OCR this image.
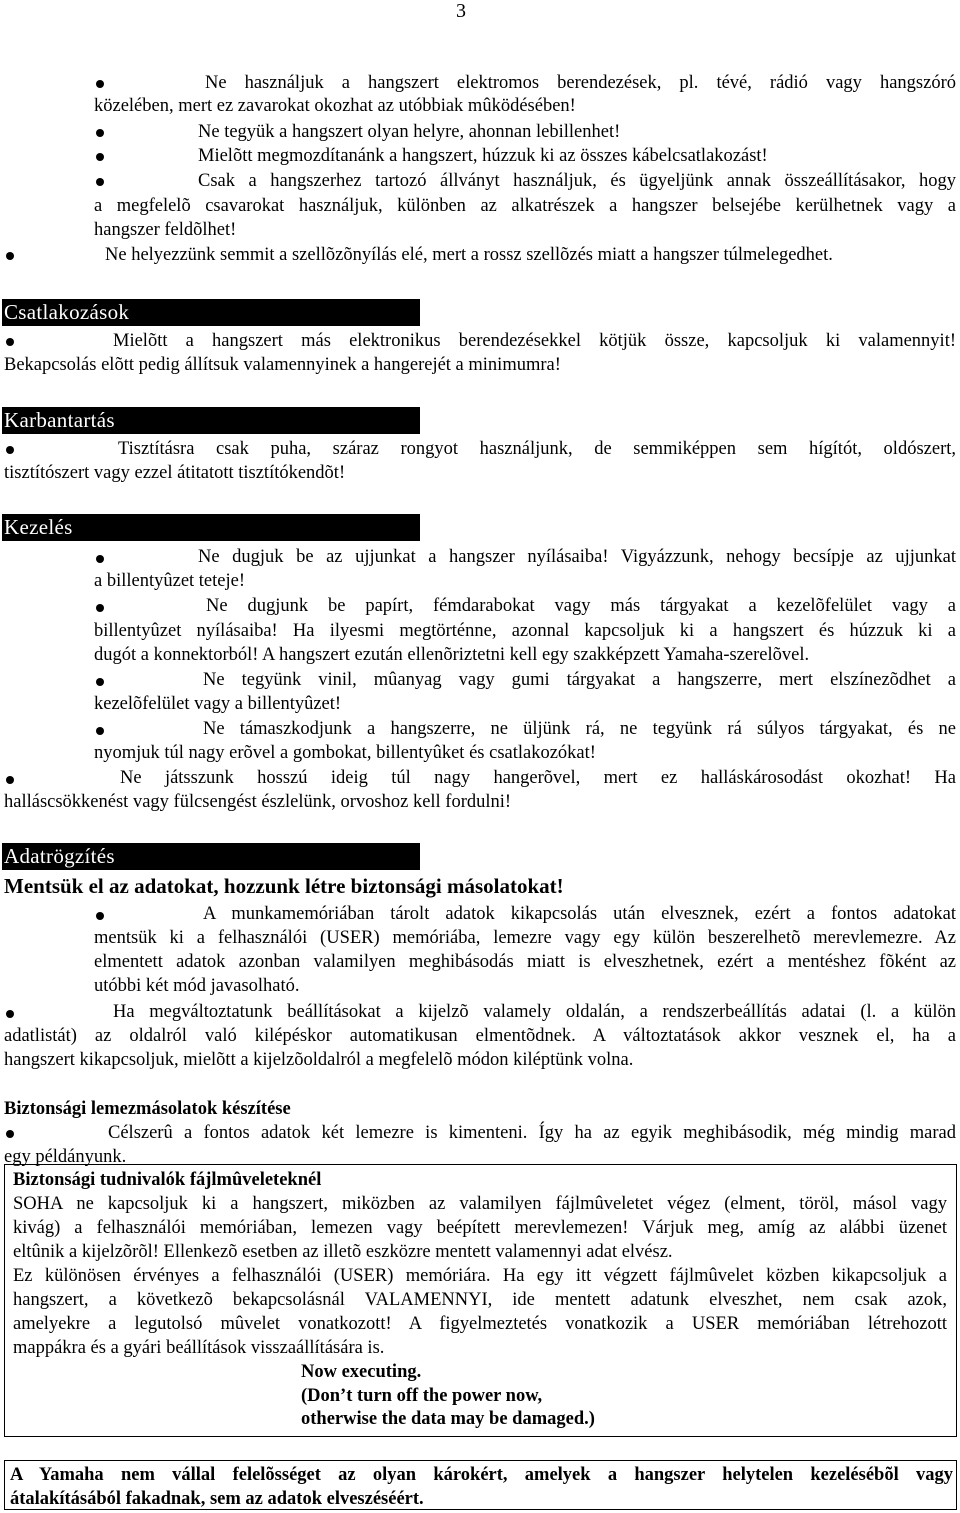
3
Ne használjuk a hangszert elektromos berendezések, pl. tévé, rádió vagy hangszóró
közelében, mert ez zavarokat okozhat az utóbbiak mûködésében!
Ne tegyük a hangszert olyan helyre, ahonnan lebillenhet!
Mielõtt megmozdítanánk a hangszert, húzzuk ki az összes kábelcsatlakozást!
Csak a hangszerhez tartozó állványt használjuk, és ügyeljünk annak összeállításakor, hogy
a megfelelõ csavarokat használjuk, különben az alkatrészek a hangszer belsejébe kerülhetnek vagy a
hangszer feldõlhet!
Ne helyezzünk semmit a szellõzõnyílás elé, mert a rossz szellõzés miatt a hangszer túlmelegedhet.
Csatlakozások
Mielõtt a hangszert más elektronikus berendezésekkel kötjük össze, kapcsoljuk ki valamennyit!
Bekapcsolás elõtt pedig állítsuk valamennyinek a hangerejét a minimumra!
Karbantartás
Tisztításra csak puha, száraz rongyot használjunk, de semmiképpen sem hígítót, oldószert,
tisztítószert vagy ezzel átitatott tisztítókendõt!
Kezelés
Ne dugjuk be az ujjunkat a hangszer nyílásaiba! Vigyázzunk, nehogy becsípje az ujjunkat
a billentyûzet teteje!
Ne dugjunk be papírt, fémdarabokat vagy más tárgyakat a kezelõfelület vagy a
billentyûzet nyílásaiba! Ha ilyesmi megtörténne, azonnal kapcsoljuk ki a hangszert és húzzuk ki a
dugót a konnektorból! A hangszert ezután ellenõriztetni kell egy szakképzett Yamaha-szerelõvel.
Ne tegyünk vinil, mûanyag vagy gumi tárgyakat a hangszerre, mert elszínezõdhet a
kezelõfelület vagy a billentyûzet!
Ne támaszkodjunk a hangszerre, ne üljünk rá, ne tegyünk rá súlyos tárgyakat, és ne
nyomjuk túl nagy erõvel a gombokat, billentyûket és csatlakozókat!
Ne játsszunk hosszú ideig túl nagy hangerõvel, mert ez halláskárosodást okozhat! Ha
halláscsökkenést vagy fülcsengést észlelünk, orvoshoz kell fordulni!
Adatrögzítés
Mentsük el az adatokat, hozzunk létre biztonsági másolatokat!
A munkamemóriában tárolt adatok kikapcsolás után elvesznek, ezért a fontos adatokat
mentsük ki a felhasználói (USER) memóriába, lemezre vagy egy külön beszerelhetõ merevlemezre. Az
elmentett adatok azonban valamilyen meghibásodás miatt is elveszhetnek, ezért a mentéshez fõként az
utóbbi két mód javasolható.
Ha megváltoztatunk beállításokat a kijelzõ valamely oldalán, a rendszerbeállítás adatai (l. a külön
adatlistát) az oldalról való kilépéskor automatikusan elmentõdnek. A változtatások akkor vesznek el, ha a
hangszert kikapcsoljuk, mielõtt a kijelzõoldalról a megfelelõ módon kiléptünk volna.
Biztonsági lemezmásolatok készítése
Célszerû a fontos adatok két lemezre is kimenteni. Így ha az egyik meghibásodik, még mindig marad
egy példányunk.
Biztonsági tudnivalók fájlmûveleteknél
SOHA ne kapcsoljuk ki a hangszert, miközben az valamilyen fájlmûveletet végez (elment, töröl, másol vagy
kivág) a felhasználói memóriában, lemezen vagy beépített merevlemezen! Várjuk meg, amíg az alábbi üzenet
eltûnik a kijelzõrõl! Ellenkezõ esetben az illetõ eszközre mentett valamennyi adat elvész.
Ez különösen érvényes a felhasználói (USER) memóriára. Ha egy itt végzett fájlmûvelet közben kikapcsoljuk a
hangszert, a következõ bekapcsolásnál VALAMENNYI, ide mentett adatunk elveszhet, nem csak azok,
amelyekre a legutolsó mûvelet vonatkozott! A figyelmeztetés vonatkozik a USER memóriában létrehozott
mappákra és a gyári beállítások visszaállítására is.
Now executing.
(Don’t turn off the power now,
otherwise the data may be damaged.)
A Yamaha nem vállal felelõsséget az olyan károkért, amelyek a hangszer helytelen kezelésébõl vagy
átalakításából fakadnak, sem az adatok elveszéséért.
